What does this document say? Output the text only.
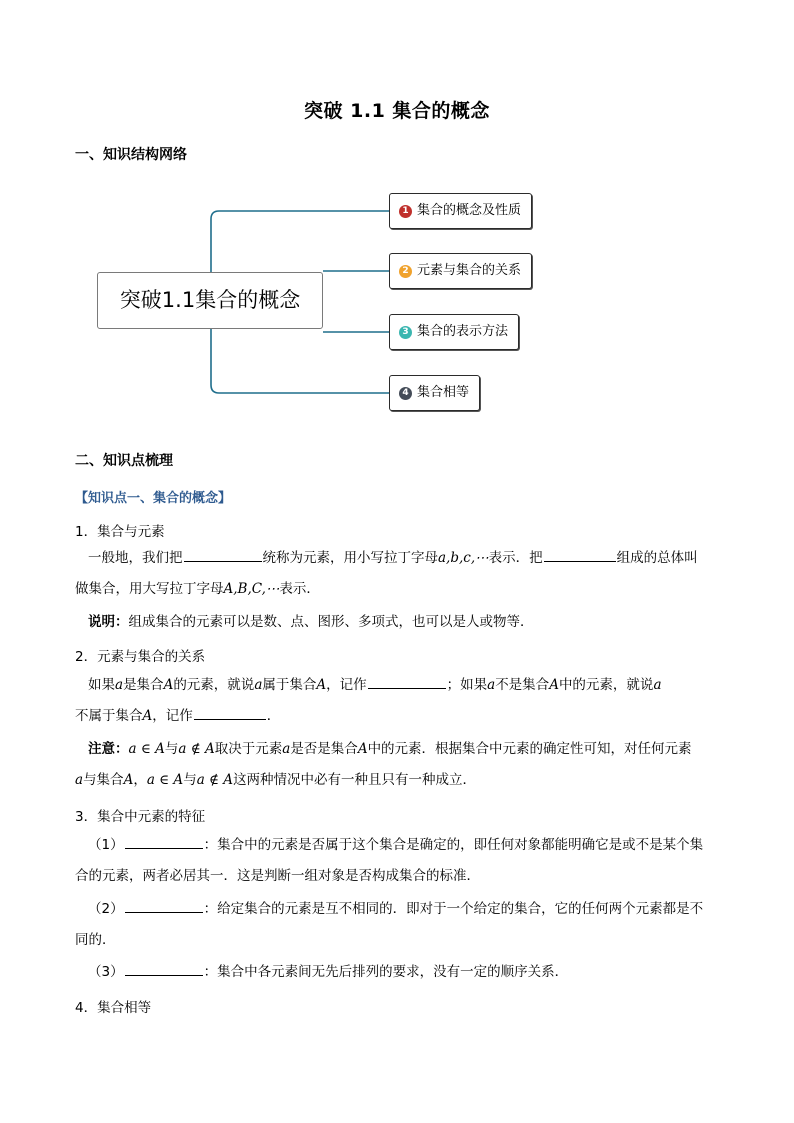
突破 1.1 集合的概念
一、知识结构网络
突破1.1集合的概念
1 集合的概念及性质
2 元素与集合的关系
3 集合的表示方法
4 集合相等
二、知识点梳理
【知识点一、集合的概念】
1．集合与元素
一般地，我们把	统称为元素，用小写拉丁字母a,b,c,⋯表示．把	组成的总体叫
做集合，用大写拉丁字母A,B,C,⋯表示．
说明：组成集合的元素可以是数、点、图形、多项式，也可以是人或物等．
2．元素与集合的关系
如果a是集合A的元素，就说a属于集合A，记作	；如果a不是集合A中的元素，就说a
不属于集合A，记作	．
注意：a ∈ A与a ∉ A取决于元素a是否是集合A中的元素．根据集合中元素的确定性可知，对任何元素
a与集合A，a ∈ A与a ∉ A这两种情况中必有一种且只有一种成立．
3．集合中元素的特征
（1）	：集合中的元素是否属于这个集合是确定的，即任何对象都能明确它是或不是某个集
合的元素，两者必居其一．这是判断一组对象是否构成集合的标准．
（2）	：给定集合的元素是互不相同的．即对于一个给定的集合，它的任何两个元素都是不
同的．
（3）	：集合中各元素间无先后排列的要求，没有一定的顺序关系．
4．集合相等
